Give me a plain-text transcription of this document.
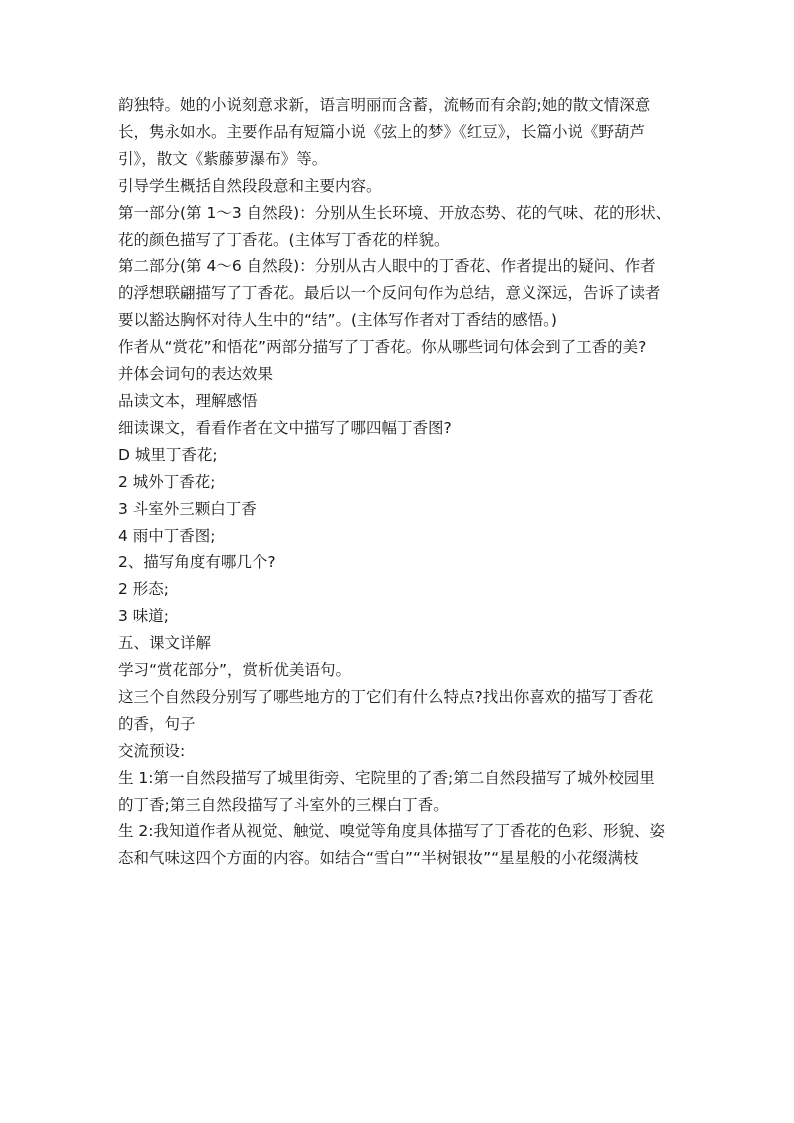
韵独特。她的小说刻意求新，语言明丽而含蓄，流畅而有余韵;她的散文情深意

长，隽永如水。主要作品有短篇小说《弦上的梦》《红豆》，长篇小说《野葫芦

引》，散文《紫藤萝瀑布》等。

引导学生概括自然段段意和主要内容。

第一部分(第 1～3 自然段)：分别从生长环境、开放态势、花的气味、花的形状、

花的颜色描写了丁香花。(主体写丁香花的样貌。

第二部分(第 4～6 自然段)：分别从古人眼中的丁香花、作者提出的疑问、作者

的浮想联翩描写了丁香花。最后以一个反问句作为总结，意义深远，告诉了读者

要以豁达胸怀对待人生中的“结”。(主体写作者对丁香结的感悟。)

作者从“赏花”和悟花”两部分描写了丁香花。你从哪些词句体会到了工香的美?

并体会词句的表达效果

品读文本，理解感悟

细读课文，看看作者在文中描写了哪四幅丁香图?

D 城里丁香花;

2 城外丁香花;

3 斗室外三颗白丁香

4 雨中丁香图;

2、描写角度有哪几个?

2 形态;

3 味道;

五、课文详解

学习“赏花部分”，赏析优美语句。

这三个自然段分别写了哪些地方的丁它们有什么特点?找出你喜欢的描写丁香花

的香，句子

交流预设:

生 1:第一自然段描写了城里街旁、宅院里的了香;第二自然段描写了城外校园里

的丁香;第三自然段描写了斗室外的三棵白丁香。

生 2:我知道作者从视觉、触觉、嗅觉等角度具体描写了丁香花的色彩、形貌、姿

态和气味这四个方面的内容。如结合“雪白”“半树银妆”“星星般的小花缀满枝
